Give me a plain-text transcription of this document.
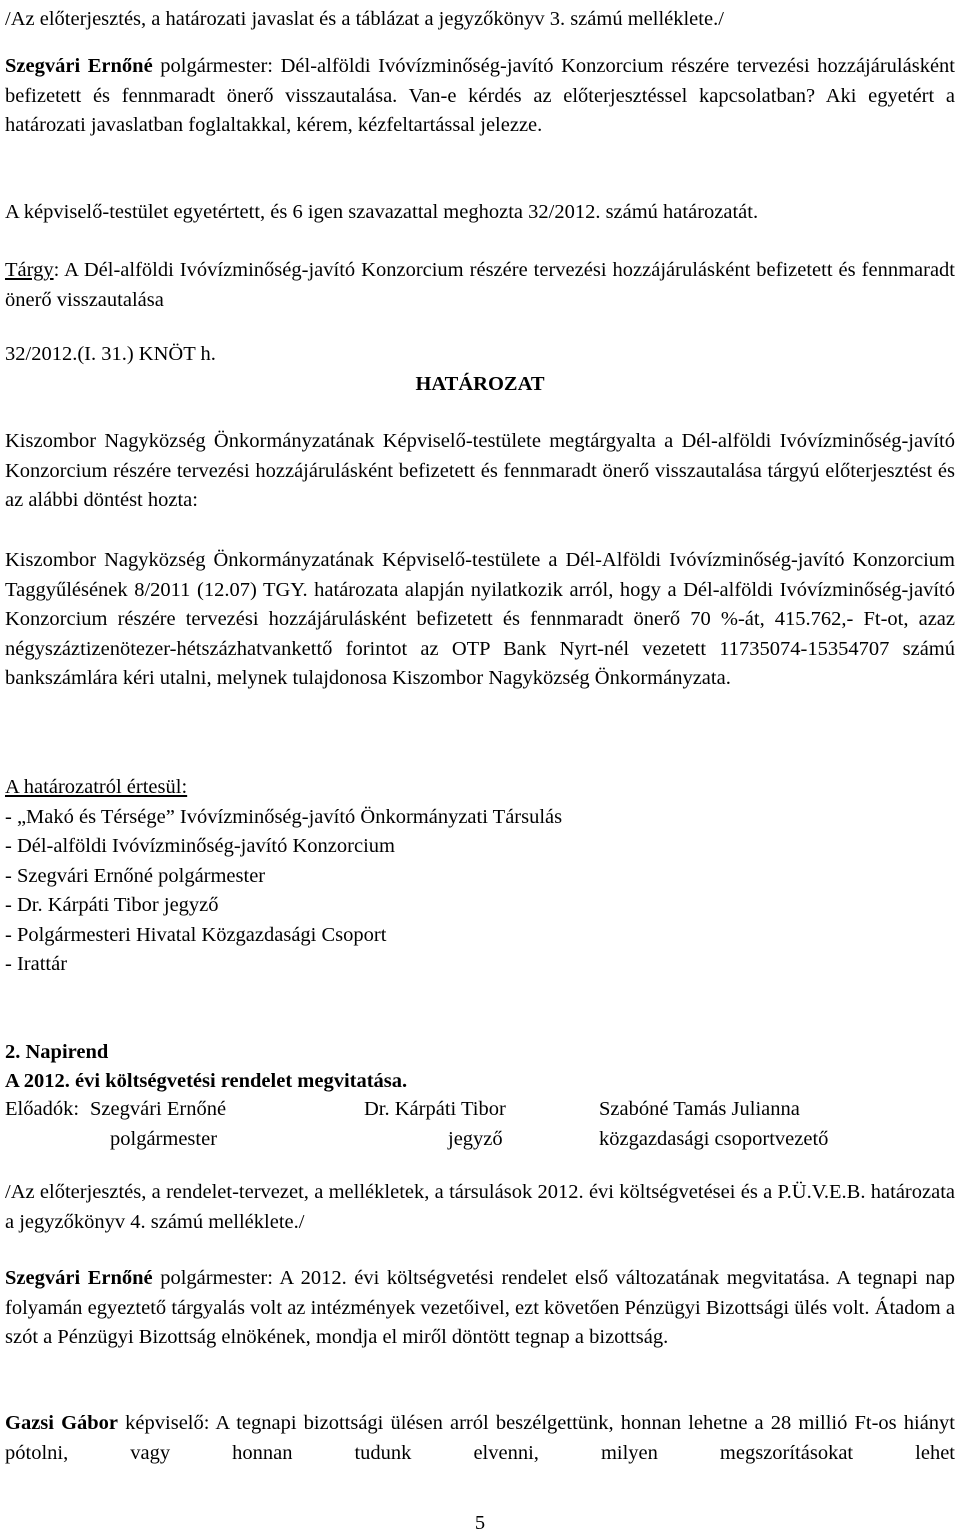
/Az előterjesztés, a határozati javaslat és a táblázat a jegyzőkönyv 3. számú melléklete./

Szegvári Ernőné polgármester: Dél-alföldi Ivóvízminőség-javító Konzorcium részére tervezési hozzájárulásként befizetett és fennmaradt önerő visszautalása. Van-e kérdés az előterjesztéssel kapcsolatban? Aki egyetért a határozati javaslatban foglaltakkal, kérem, kézfeltartással jelezze.

A képviselő-testület egyetértett, és 6 igen szavazattal meghozta 32/2012. számú határozatát.

Tárgy: A Dél-alföldi Ivóvízminőség-javító Konzorcium részére tervezési hozzájárulásként befizetett és fennmaradt önerő visszautalása

32/2012.(I. 31.) KNÖT h.

HATÁROZAT

Kiszombor Nagyközség Önkormányzatának Képviselő-testülete megtárgyalta a Dél-alföldi Ivóvízminőség-javító Konzorcium részére tervezési hozzájárulásként befizetett és fennmaradt önerő visszautalása tárgyú előterjesztést és az alábbi döntést hozta:

Kiszombor Nagyközség Önkormányzatának Képviselő-testülete a Dél-Alföldi Ivóvízminőség-javító Konzorcium Taggyűlésének 8/2011 (12.07) TGY. határozata alapján nyilatkozik arról, hogy a Dél-alföldi Ivóvízminőség-javító Konzorcium részére tervezési hozzájárulásként befizetett és fennmaradt önerő 70 %-át, 415.762,- Ft-ot, azaz négyszáztizenötezer-hétszázhatvankettő forintot az OTP Bank Nyrt-nél vezetett 11735074-15354707 számú bankszámlára kéri utalni, melynek tulajdonosa Kiszombor Nagyközség Önkormányzata.

A határozatról értesül:

- „Makó és Térsége” Ivóvízminőség-javító Önkormányzati Társulás

- Dél-alföldi Ivóvízminőség-javító Konzorcium

- Szegvári Ernőné polgármester

- Dr. Kárpáti Tibor jegyző

- Polgármesteri Hivatal Közgazdasági Csoport

- Irattár

2. Napirend

A 2012. évi költségvetési rendelet megvitatása.

Előadók: Szegvári Ernőné
polgármester
Dr. Kárpáti Tibor
jegyző
Szabóné Tamás Julianna
közgazdasági csoportvezető

/Az előterjesztés, a rendelet-tervezet, a mellékletek, a társulások 2012. évi költségvetései és a P.Ü.V.E.B. határozata a jegyzőkönyv 4. számú melléklete./

Szegvári Ernőné polgármester: A 2012. évi költségvetési rendelet első változatának megvitatása. A tegnapi nap folyamán egyeztető tárgyalás volt az intézmények vezetőivel, ezt követően Pénzügyi Bizottsági ülés volt. Átadom a szót a Pénzügyi Bizottság elnökének, mondja el miről döntött tegnap a bizottság.

Gazsi Gábor képviselő: A tegnapi bizottsági ülésen arról beszélgettünk, honnan lehetne a 28 millió Ft-os hiányt pótolni, vagy honnan tudunk elvenni, milyen megszorításokat lehet

5
